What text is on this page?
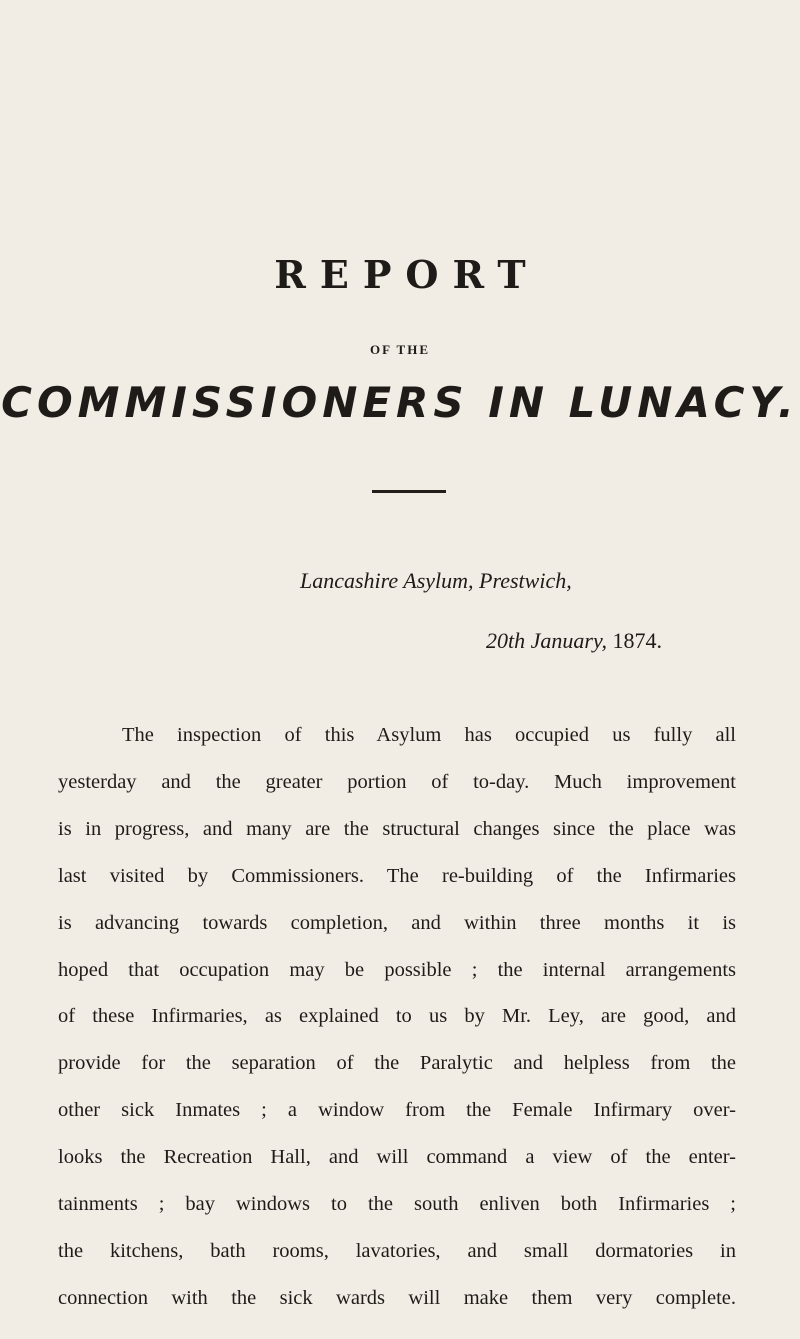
REPORT
OF THE
COMMISSIONERS IN LUNACY.
Lancashire Asylum, Prestwich,
20th January, 1874.
The inspection of this Asylum has occupied us fully all
yesterday and the greater portion of to-day. Much improvement
is in progress, and many are the structural changes since the place was
last visited by Commissioners. The re-building of the Infirmaries
is advancing towards completion, and within three months it is
hoped that occupation may be possible ; the internal arrangements
of these Infirmaries, as explained to us by Mr. Ley, are good, and
provide for the separation of the Paralytic and helpless from the
other sick Inmates ; a window from the Female Infirmary over-
looks the Recreation Hall, and will command a view of the enter-
tainments ; bay windows to the south enliven both Infirmaries ;
the kitchens, bath rooms, lavatories, and small dormatories in
connection with the sick wards will make them very complete.
